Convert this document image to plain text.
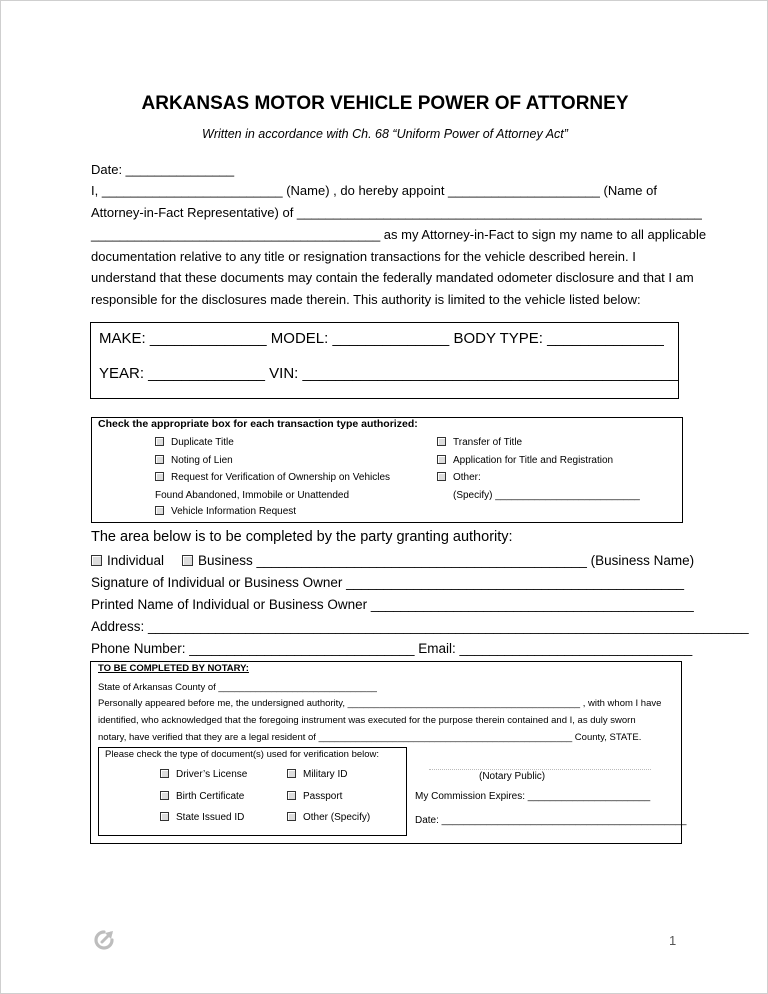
ARKANSAS MOTOR VEHICLE POWER OF ATTORNEY
Written in accordance with Ch. 68 “Uniform Power of Attorney Act”
Date: _______________
I, _________________________ (Name) , do hereby appoint _____________________ (Name of
Attorney-in-Fact Representative) of ________________________________________________________
________________________________________ as my Attorney-in-Fact to sign my name to all applicable
documentation relative to any title or resignation transactions for the vehicle described herein. I
understand that these documents may contain the federally mandated odometer disclosure and that I am
responsible for the disclosures made therein. This authority is limited to the vehicle listed below:
MAKE: ______________ MODEL: ______________ BODY TYPE: ______________
YEAR: ______________ VIN: _____________________________________________
Check the appropriate box for each transaction type authorized:
Duplicate Title
Noting of Lien
Request for Verification of Ownership on Vehicles
Found Abandoned, Immobile or Unattended
Vehicle Information Request
Transfer of Title
Application for Title and Registration
Other:
(Specify) __________________________
The area below is to be completed by the party granting authority:
Individual	Business ____________________________________________ (Business Name)
Signature of Individual or Business Owner _____________________________________________
Printed Name of Individual or Business Owner ___________________________________________
Address: ________________________________________________________________________________
Phone Number: ______________________________ Email: _______________________________
TO BE COMPLETED BY NOTARY:
State of Arkansas County of ______________________________
Personally appeared before me, the undersigned authority, ____________________________________________ , with whom I have
identified, who acknowledged that the foregoing instrument was executed for the purpose therein contained and I, as duly sworn
notary, have verified that they are a legal resident of ________________________________________________ County, STATE.
Please check the type of document(s) used for verification below:
Driver’s License
Birth Certificate
State Issued ID
Military ID
Passport
Other (Specify)
(Notary Public)
My Commission Expires: ______________________
Date: ____________________________________________
1
